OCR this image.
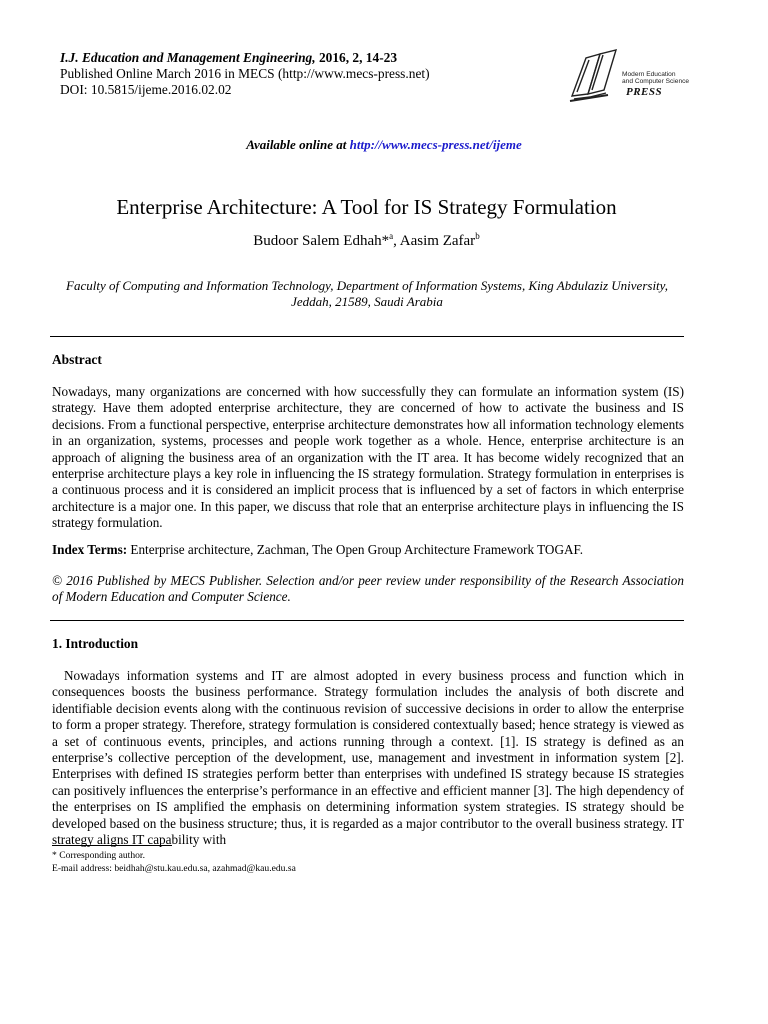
I.J. Education and Management Engineering, 2016, 2, 14-23
Published Online March 2016 in MECS (http://www.mecs-press.net)
DOI: 10.5815/ijeme.2016.02.02
Modern Education
and Computer Science
PRESS
Available online at http://www.mecs-press.net/ijeme
Enterprise Architecture: A Tool for IS Strategy Formulation
Budoor Salem Edhah*$^a$, Aasim Zafar$^b$
Faculty of Computing and Information Technology, Department of Information Systems, King Abdulaziz University, Jeddah, 21589, Saudi Arabia
Abstract
Nowadays, many organizations are concerned with how successfully they can formulate an information system (IS) strategy. Have them adopted enterprise architecture, they are concerned of how to activate the business and IS decisions. From a functional perspective, enterprise architecture demonstrates how all information technology elements in an organization, systems, processes and people work together as a whole. Hence, enterprise architecture is an approach of aligning the business area of an organization with the IT area. It has become widely recognized that an enterprise architecture plays a key role in influencing the IS strategy formulation. Strategy formulation in enterprises is a continuous process and it is considered an implicit process that is influenced by a set of factors in which enterprise architecture is a major one. In this paper, we discuss that role that an enterprise architecture plays in influencing the IS strategy formulation.
Index Terms: Enterprise architecture, Zachman, The Open Group Architecture Framework TOGAF.
© 2016 Published by MECS Publisher. Selection and/or peer review under responsibility of the Research Association of Modern Education and Computer Science.
1. Introduction
Nowadays information systems and IT are almost adopted in every business process and function which in consequences boosts the business performance. Strategy formulation includes the analysis of both discrete and identifiable decision events along with the continuous revision of successive decisions in order to allow the enterprise to form a proper strategy. Therefore, strategy formulation is considered contextually based; hence strategy is viewed as a set of continuous events, principles, and actions running through a context. [1]. IS strategy is defined as an enterprise’s collective perception of the development, use, management and investment in information system [2]. Enterprises with defined IS strategies perform better than enterprises with undefined IS strategy because IS strategies can positively influences the enterprise’s performance in an effective and efficient manner [3]. The high dependency of the enterprises on IS amplified the emphasis on determining information system strategies. IS strategy should be developed based on the business structure; thus, it is regarded as a major contributor to the overall business strategy. IT strategy aligns IT capability with
* Corresponding author.
E-mail address: beidhah@stu.kau.edu.sa, azahmad@kau.edu.sa
